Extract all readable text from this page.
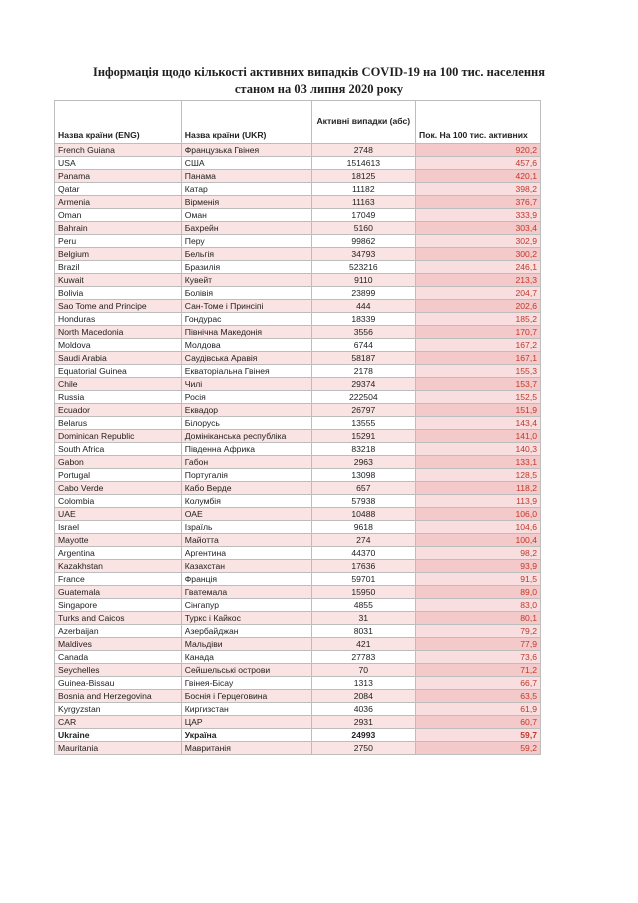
Інформація щодо кількості активних випадків COVID-19 на 100 тис. населення
станом на 03 липня 2020 року
Назва країни (ENG)	Назва країни (UKR)	Активні випадки (абс)	Пок. На 100 тис. активних
French Guiana	Французька Гвінея	2748	920,2
USA	США	1514613	457,6
Panama	Панама	18125	420,1
Qatar	Катар	11182	398,2
Armenia	Вірменія	11163	376,7
Oman	Оман	17049	333,9
Bahrain	Бахрейн	5160	303,4
Peru	Перу	99862	302,9
Belgium	Бельгія	34793	300,2
Brazil	Бразилія	523216	246,1
Kuwait	Кувейт	9110	213,3
Bolivia	Болівія	23899	204,7
Sao Tome and Principe	Сан-Томе і Принсіпі	444	202,6
Honduras	Гондурас	18339	185,2
North Macedonia	Північна Македонія	3556	170,7
Moldova	Молдова	6744	167,2
Saudi Arabia	Саудівська Аравія	58187	167,1
Equatorial Guinea	Екваторіальна Гвінея	2178	155,3
Chile	Чилі	29374	153,7
Russia	Росія	222504	152,5
Ecuador	Еквадор	26797	151,9
Belarus	Білорусь	13555	143,4
Dominican Republic	Домініканська республіка	15291	141,0
South Africa	Південна Африка	83218	140,3
Gabon	Габон	2963	133,1
Portugal	Португалія	13098	128,5
Cabo Verde	Кабо Верде	657	118,2
Colombia	Колумбія	57938	113,9
UAE	ОАЕ	10488	106,0
Israel	Ізраїль	9618	104,6
Mayotte	Майотта	274	100,4
Argentina	Аргентина	44370	98,2
Kazakhstan	Казахстан	17636	93,9
France	Франція	59701	91,5
Guatemala	Гватемала	15950	89,0
Singapore	Сінгапур	4855	83,0
Turks and Caicos	Туркс і Кайкос	31	80,1
Azerbaijan	Азербайджан	8031	79,2
Maldives	Мальдіви	421	77,9
Canada	Канада	27783	73,6
Seychelles	Сейшельські острови	70	71,2
Guinea-Bissau	Гвінея-Бісау	1313	66,7
Bosnia and Herzegovina	Боснія і Герцеговина	2084	63,5
Kyrgyzstan	Киргизстан	4036	61,9
CAR	ЦАР	2931	60,7
Ukraine	Україна	24993	59,7
Mauritania	Мавританія	2750	59,2
